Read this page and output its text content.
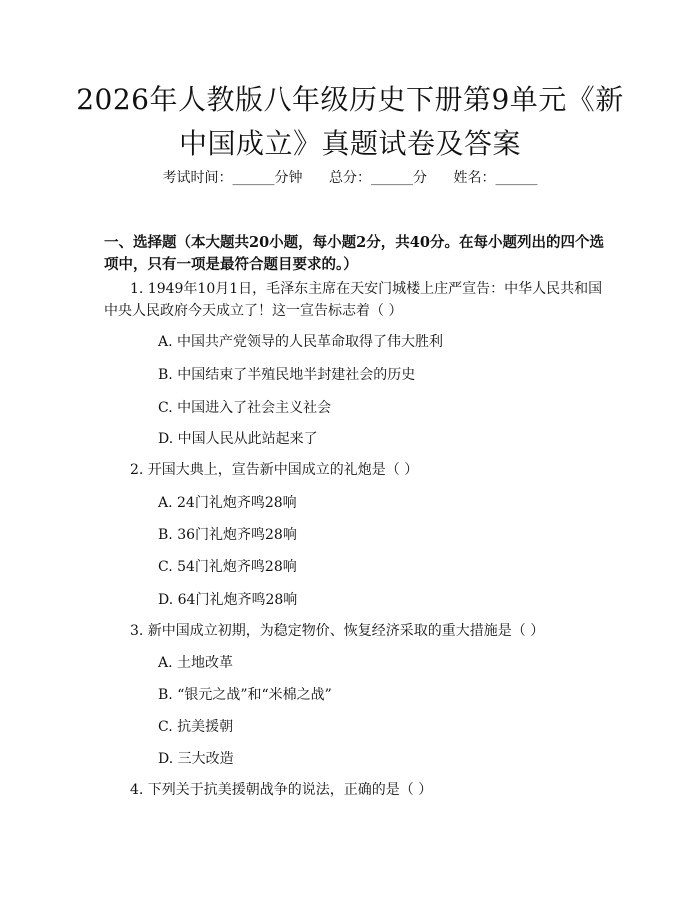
2026年人教版八年级历史下册第9单元《新中国成立》真题试卷及答案
考试时间：______分钟 总分：______分 姓名：______
一、选择题（本大题共20小题，每小题2分，共40分。在每小题列出的四个选项中，只有一项是最符合题目要求的。）
1. 1949年10月1日，毛泽东主席在天安门城楼上庄严宣告：中华人民共和国中央人民政府今天成立了！这一宣告标志着（ ）
A. 中国共产党领导的人民革命取得了伟大胜利
B. 中国结束了半殖民地半封建社会的历史
C. 中国进入了社会主义社会
D. 中国人民从此站起来了
2. 开国大典上，宣告新中国成立的礼炮是（ ）
A. 24门礼炮齐鸣28响
B. 36门礼炮齐鸣28响
C. 54门礼炮齐鸣28响
D. 64门礼炮齐鸣28响
3. 新中国成立初期，为稳定物价、恢复经济采取的重大措施是（ ）
A. 土地改革
B. “银元之战”和“米棉之战”
C. 抗美援朝
D. 三大改造
4. 下列关于抗美援朝战争的说法，正确的是（ ）
